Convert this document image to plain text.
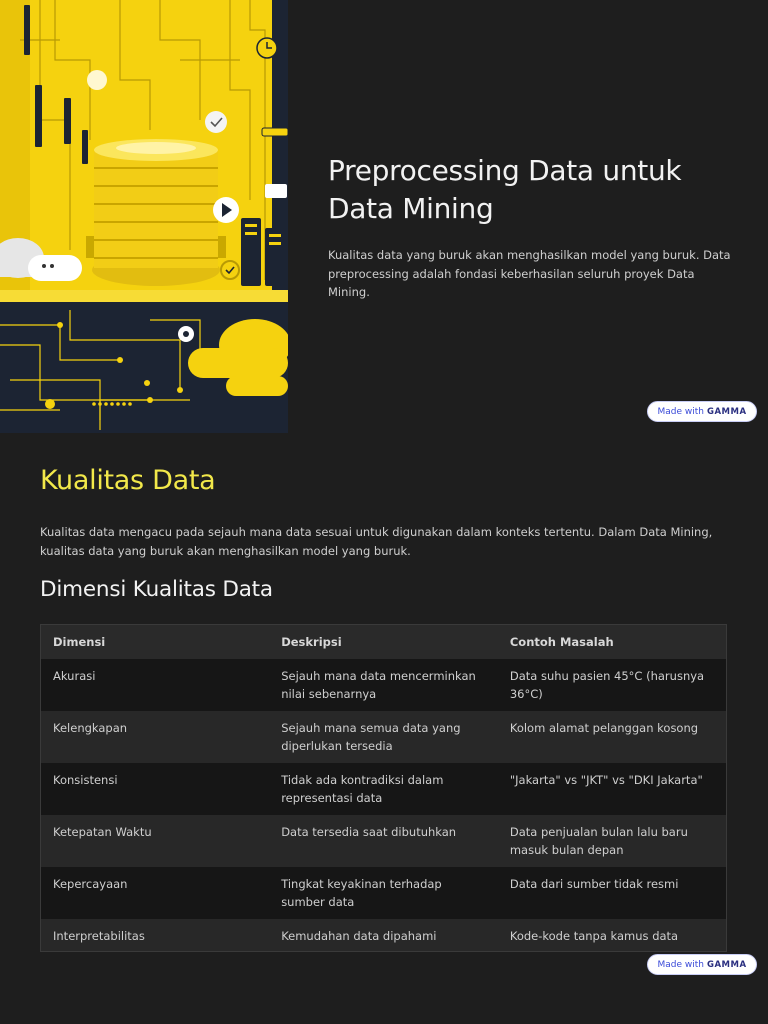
Preprocessing Data untuk Data Mining

Kualitas data yang buruk akan menghasilkan model yang buruk. Data preprocessing adalah fondasi keberhasilan seluruh proyek Data Mining.

Made with GAMMA
Kualitas Data

Kualitas data mengacu pada sejauh mana data sesuai untuk digunakan dalam konteks tertentu. Dalam Data Mining, kualitas data yang buruk akan menghasilkan model yang buruk.

Dimensi Kualitas Data
Dimensi	Deskripsi	Contoh Masalah
Akurasi	Sejauh mana data mencerminkan nilai sebenarnya	Data suhu pasien 45°C (harusnya 36°C)
Kelengkapan	Sejauh mana semua data yang diperlukan tersedia	Kolom alamat pelanggan kosong
Konsistensi	Tidak ada kontradiksi dalam representasi data	"Jakarta" vs "JKT" vs "DKI Jakarta"
Ketepatan Waktu	Data tersedia saat dibutuhkan	Data penjualan bulan lalu baru masuk bulan depan
Kepercayaan	Tingkat keyakinan terhadap sumber data	Data dari sumber tidak resmi
Interpretabilitas	Kemudahan data dipahami	Kode-kode tanpa kamus data
Made with GAMMA
